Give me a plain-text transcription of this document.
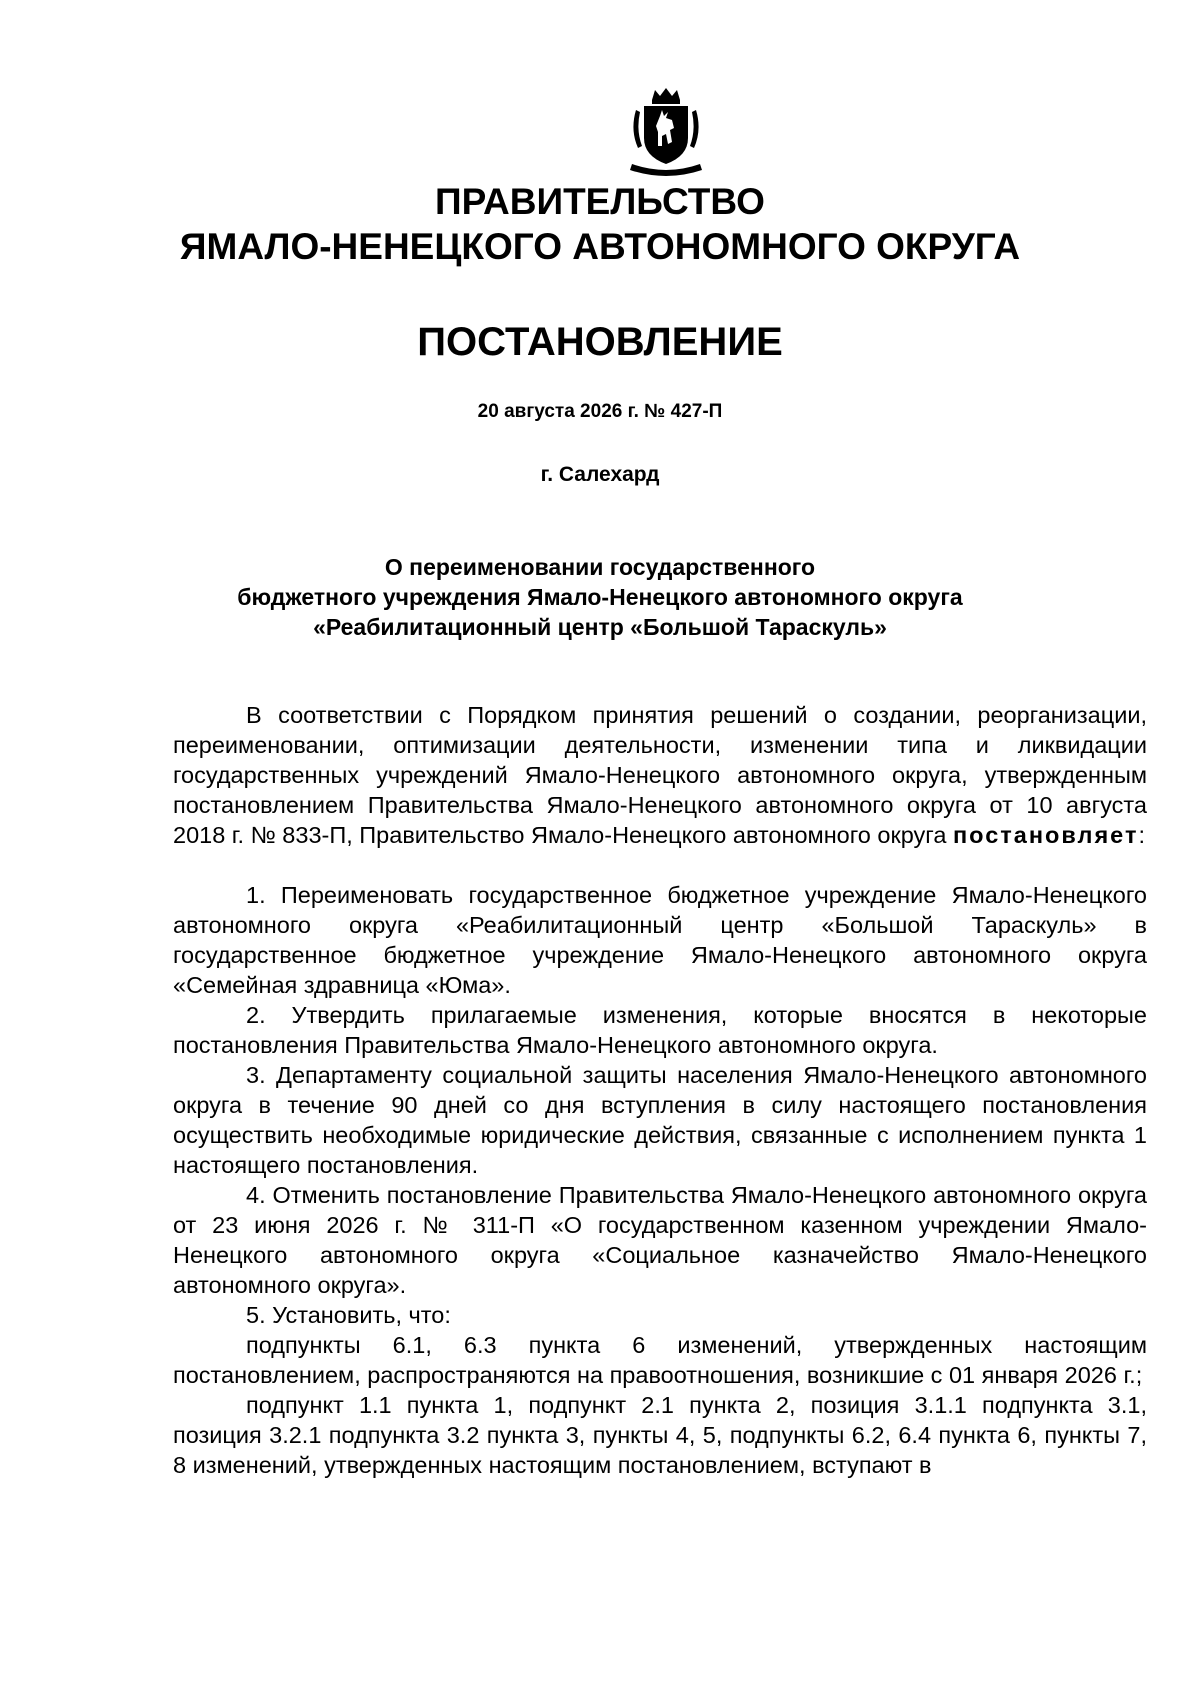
ПРАВИТЕЛЬСТВО
ЯМАЛО-НЕНЕЦКОГО АВТОНОМНОГО ОКРУГА
ПОСТАНОВЛЕНИЕ
20 августа 2026 г. № 427-П
г. Салехард
О переименовании государственного
бюджетного учреждения Ямало-Ненецкого автономного округа
«Реабилитационный центр «Большой Тараскуль»

В соответствии с Порядком принятия решений о создании, реорганизации, переименовании, оптимизации деятельности, изменении типа и ликвидации государственных учреждений Ямало-Ненецкого автономного округа, утвержденным постановлением Правительства Ямало-Ненецкого автономного округа от 10 августа 2018 г. № 833-П, Правительство Ямало-Ненецкого автономного округа постановляет:

1. Переименовать государственное бюджетное учреждение Ямало-Ненецкого автономного округа «Реабилитационный центр «Большой Тараскуль» в государственное бюджетное учреждение Ямало-Ненецкого автономного округа «Семейная здравница «Юма».

2. Утвердить прилагаемые изменения, которые вносятся в некоторые постановления Правительства Ямало-Ненецкого автономного округа.

3. Департаменту социальной защиты населения Ямало-Ненецкого автономного округа в течение 90 дней со дня вступления в силу настоящего постановления осуществить необходимые юридические действия, связанные с исполнением пункта 1 настоящего постановления.

4. Отменить постановление Правительства Ямало-Ненецкого автономного округа от 23 июня 2026 г. № 311-П «О государственном казенном учреждении Ямало-Ненецкого автономного округа «Социальное казначейство Ямало-Ненецкого автономного округа».

5. Установить, что:

подпункты 6.1, 6.3 пункта 6 изменений, утвержденных настоящим постановлением, распространяются на правоотношения, возникшие с 01 января 2026 г.;

подпункт 1.1 пункта 1, подпункт 2.1 пункта 2, позиция 3.1.1 подпункта 3.1, позиция 3.2.1 подпункта 3.2 пункта 3, пункты 4, 5, подпункты 6.2, 6.4 пункта 6, пункты 7, 8 изменений, утвержденных настоящим постановлением, вступают в
